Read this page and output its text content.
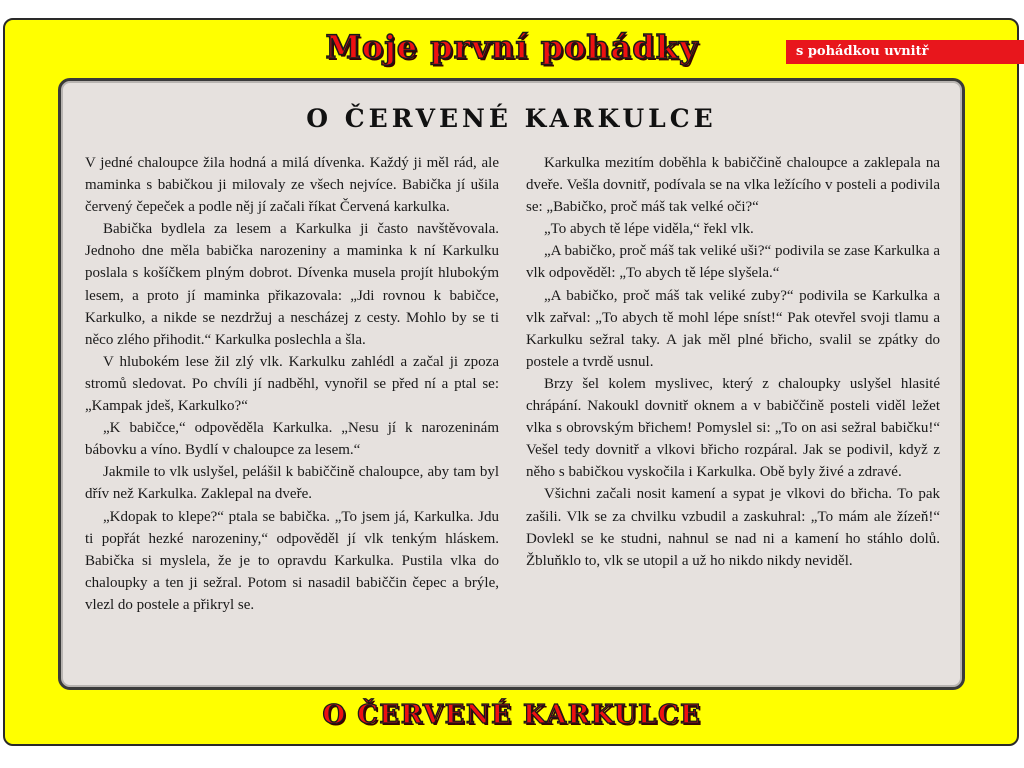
Moje první pohádky	s pohádkou uvnitř
O ČERVENÉ KARKULCE

V jedné chaloupce žila hodná a milá dívenka. Každý ji měl rád, ale maminka s babičkou ji milovaly ze všech nejvíce. Babička jí ušila červený čepeček a podle něj jí začali říkat Červená karkulka.

Babička bydlela za lesem a Karkulka ji často navštěvovala. Jednoho dne měla babička narozeniny a maminka k ní Karkulku poslala s košíčkem plným dobrot. Dívenka musela projít hlubokým lesem, a proto jí maminka přikazovala: „Jdi rovnou k babičce, Karkulko, a nikde se nezdržuj a nescházej z cesty. Mohlo by se ti něco zlého přihodit.“ Karkulka poslechla a šla.

V hlubokém lese žil zlý vlk. Karkulku zahlédl a začal ji zpoza stromů sledovat. Po chvíli jí nadběhl, vynořil se před ní a ptal se: „Kampak jdeš, Karkulko?“

„K babičce,“ odpověděla Karkulka. „Nesu jí k narozeninám bábovku a víno. Bydlí v chaloupce za lesem.“

Jakmile to vlk uslyšel, pelášil k babiččině chaloupce, aby tam byl dřív než Karkulka. Zaklepal na dveře.

„Kdopak to klepe?“ ptala se babička. „To jsem já, Karkulka. Jdu ti popřát hezké narozeniny,“ odpověděl jí vlk tenkým hláskem. Babička si myslela, že je to opravdu Karkulka. Pustila vlka do chaloupky a ten ji sežral. Potom si nasadil babiččin čepec a brýle, vlezl do postele a přikryl se.

Karkulka mezitím doběhla k babiččině chaloupce a zaklepala na dveře. Vešla dovnitř, podívala se na vlka ležícího v posteli a podivila se: „Babičko, proč máš tak velké oči?“

„To abych tě lépe viděla,“ řekl vlk.

„A babičko, proč máš tak veliké uši?“ podivila se zase Karkulka a vlk odpověděl: „To abych tě lépe slyšela.“

„A babičko, proč máš tak veliké zuby?“ podivila se Karkulka a vlk zařval: „To abych tě mohl lépe sníst!“ Pak otevřel svoji tlamu a Karkulku sežral taky. A jak měl plné břicho, svalil se zpátky do postele a tvrdě usnul.

Brzy šel kolem myslivec, který z chaloupky uslyšel hlasité chrápání. Nakoukl dovnitř oknem a v babiččině posteli viděl ležet vlka s obrovským břichem! Pomyslel si: „To on asi sežral babičku!“ Vešel tedy dovnitř a vlkovi břicho rozpáral. Jak se podivil, když z něho s babičkou vyskočila i Karkulka. Obě byly živé a zdravé.

Všichni začali nosit kamení a sypat je vlkovi do břicha. To pak zašili. Vlk se za chvilku vzbudil a zaskuhral: „To mám ale žízeň!“ Dovlekl se ke studni, nahnul se nad ni a kamení ho stáhlo dolů. Žbluňklo to, vlk se utopil a už ho nikdo nikdy neviděl.

O ČERVENÉ KARKULCE
